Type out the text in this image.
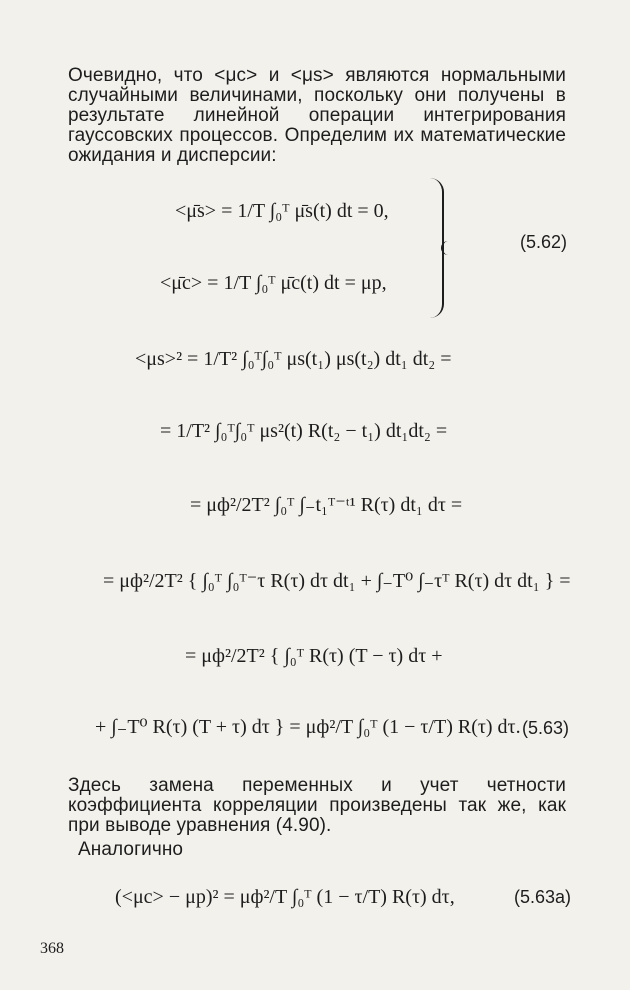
Очевидно, что <μc> и <μs> являются нормальными случайными величинами, поскольку они получены в результате линейной операции интегрирования гауссовских процессов. Определим их математические ожидания и дисперсии:
<μ̄s> = 1/T ∫₀ᵀ μ̄s(t) dt = 0,
<μ̄c> = 1/T ∫₀ᵀ μ̄c(t) dt = μp,
(5.62)
<μs>² = 1/T² ∫₀ᵀ∫₀ᵀ μs(t₁) μs(t₂) dt₁ dt₂ =
= 1/T² ∫₀ᵀ∫₀ᵀ μs²(t) R(t₂ − t₁) dt₁dt₂ =
= μф²/2T² ∫₀ᵀ ∫₋t₁ᵀ⁻ᵗ¹ R(τ) dt₁ dτ =
= μф²/2T² { ∫₀ᵀ ∫₀ᵀ⁻τ R(τ) dτ dt₁ + ∫₋T⁰ ∫₋τᵀ R(τ) dτ dt₁ } =
= μф²/2T² { ∫₀ᵀ R(τ) (T − τ) dτ +
+ ∫₋T⁰ R(τ) (T + τ) dτ } = μф²/T ∫₀ᵀ (1 − τ/T) R(τ) dτ. (5.63)
Здесь замена переменных и учет четности коэффициента корреляции произведены так же, как при выводе уравнения (4.90).
Аналогично
(<μc> − μp)² = μф²/T ∫₀ᵀ (1 − τ/T) R(τ) dτ,	(5.63a)
368
